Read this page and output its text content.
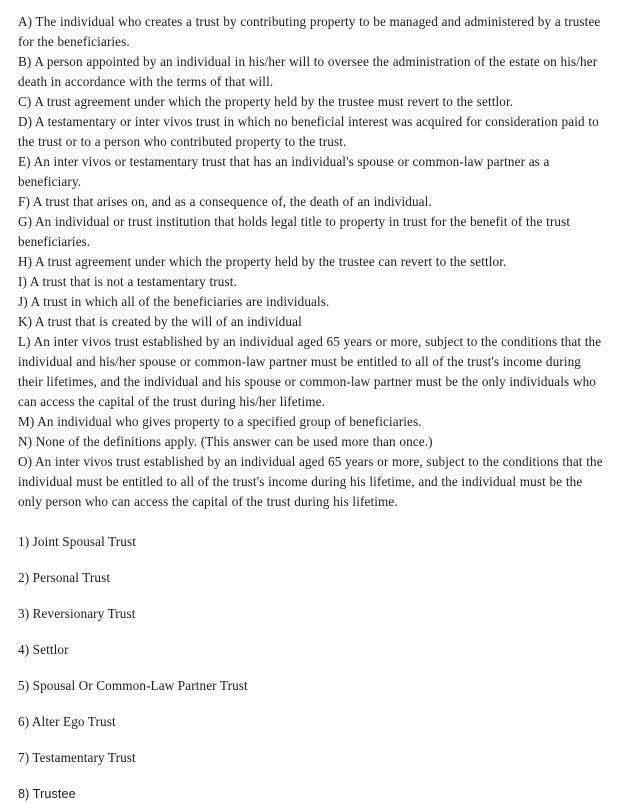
A) The individual who creates a trust by contributing property to be managed and administered by a trustee for the beneficiaries.

B) A person appointed by an individual in his/her will to oversee the administration of the estate on his/her death in accordance with the terms of that will.

C) A trust agreement under which the property held by the trustee must revert to the settlor.

D) A testamentary or inter vivos trust in which no beneficial interest was acquired for consideration paid to the trust or to a person who contributed property to the trust.

E) An inter vivos or testamentary trust that has an individual's spouse or common-law partner as a beneficiary.

F) A trust that arises on, and as a consequence of, the death of an individual.

G) An individual or trust institution that holds legal title to property in trust for the benefit of the trust beneficiaries.

H) A trust agreement under which the property held by the trustee can revert to the settlor.

I) A trust that is not a testamentary trust.

J) A trust in which all of the beneficiaries are individuals.

K) A trust that is created by the will of an individual

L) An inter vivos trust established by an individual aged 65 years or more, subject to the conditions that the individual and his/her spouse or common-law partner must be entitled to all of the trust's income during their lifetimes, and the individual and his spouse or common-law partner must be the only individuals who can access the capital of the trust during his/her lifetime.

M) An individual who gives property to a specified group of beneficiaries.

N) None of the definitions apply. (This answer can be used more than once.)

O) An inter vivos trust established by an individual aged 65 years or more, subject to the conditions that the individual must be entitled to all of the trust's income during his lifetime, and the individual must be the only person who can access the capital of the trust during his lifetime.

1) Joint Spousal Trust

2) Personal Trust

3) Reversionary Trust

4) Settlor

5) Spousal Or Common-Law Partner Trust

6) Alter Ego Trust

7) Testamentary Trust

8) Trustee
